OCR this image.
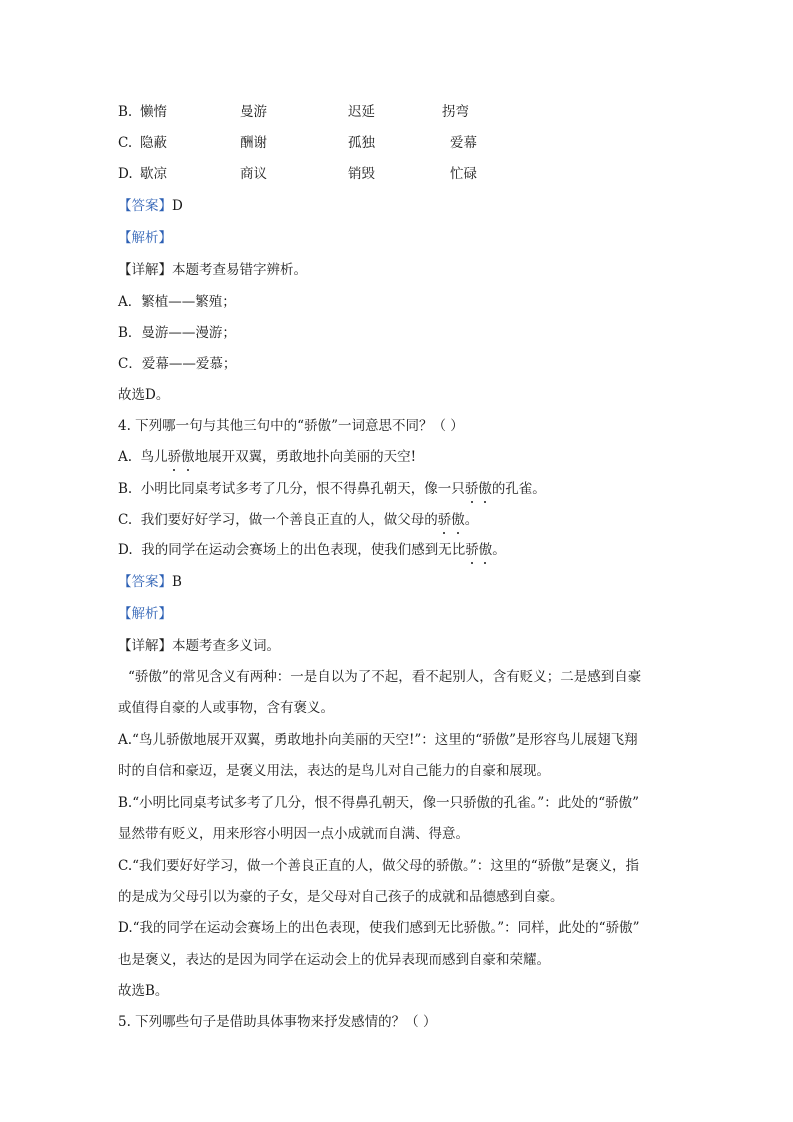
B. 懒惰	曼游	迟延	拐弯
C. 隐蔽	酬谢	孤独	爱幕
D. 歇凉	商议	销毁	忙碌
【答案】D
【解析】
【详解】本题考查易错字辨析。
A．繁植——繁殖；
B．曼游——漫游；
C．爱幕——爱慕；
故选D。
4. 下列哪一句与其他三句中的“骄傲”一词意思不同？（ ）
A. 鸟儿骄傲地展开双翼，勇敢地扑向美丽的天空!
B. 小明比同桌考试多考了几分，恨不得鼻孔朝天，像一只骄傲的孔雀。
C. 我们要好好学习，做一个善良正直的人，做父母的骄傲。
D. 我的同学在运动会赛场上的出色表现，使我们感到无比骄傲。
【答案】B
【解析】
【详解】本题考查多义词。
“骄傲”的常见含义有两种：一是自以为了不起，看不起别人，含有贬义；二是感到自豪
或值得自豪的人或事物，含有褒义。
A.“鸟儿骄傲地展开双翼，勇敢地扑向美丽的天空!”：这里的“骄傲”是形容鸟儿展翅飞翔
时的自信和豪迈，是褒义用法，表达的是鸟儿对自己能力的自豪和展现。
B.“小明比同桌考试多考了几分，恨不得鼻孔朝天，像一只骄傲的孔雀。”：此处的“骄傲”
显然带有贬义，用来形容小明因一点小成就而自满、得意。
C.“我们要好好学习，做一个善良正直的人，做父母的骄傲。”：这里的“骄傲”是褒义，指
的是成为父母引以为豪的子女，是父母对自己孩子的成就和品德感到自豪。
D.“我的同学在运动会赛场上的出色表现，使我们感到无比骄傲。”：同样，此处的“骄傲”
也是褒义，表达的是因为同学在运动会上的优异表现而感到自豪和荣耀。
故选B。
5. 下列哪些句子是借助具体事物来抒发感情的？（ ）
